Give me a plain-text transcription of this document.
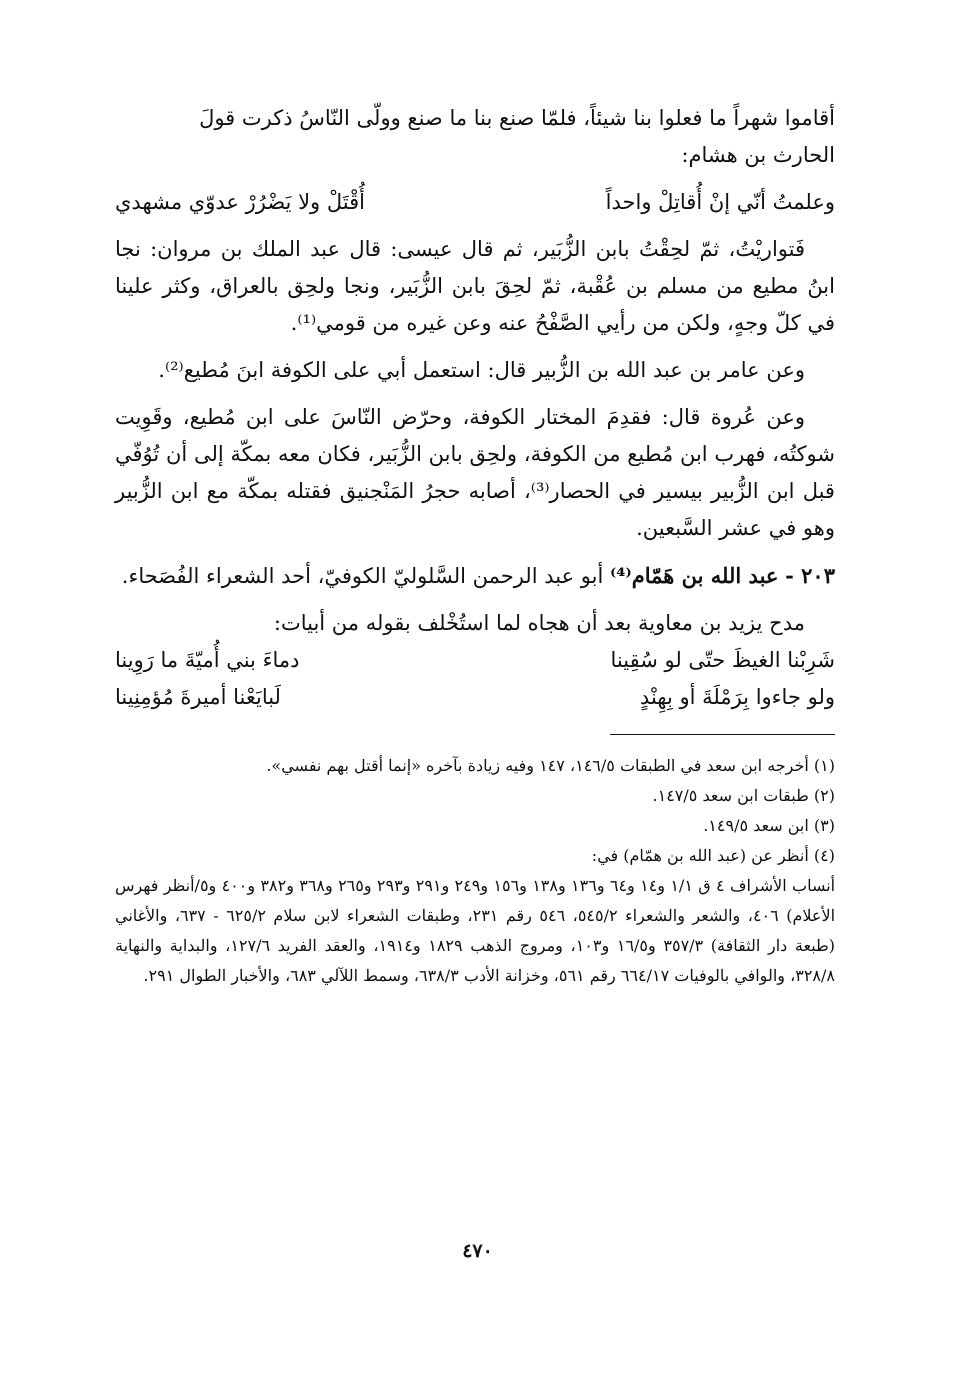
أقاموا شهراً ما فعلوا بنا شيئاً، فلمّا صنع بنا ما صنع وولّى النّاسُ ذكرت قولَ
الحارث بن هشام:

وعلمتُ أنّي إنْ أُقاتِلْ واحداً
أُقْتَلْ ولا يَضْرُرْ عدوّي مشهدي

فَتواريْتُ، ثمّ لحِقْتُ بابن الزُّبَير، ثم قال عيسى: قال عبد الملك بن مروان: نجا ابنُ مطيع من مسلم بن عُقْبة، ثمّ لحِقَ بابن الزُّبَير، ونجا ولحِق بالعراق، وكثر علينا في كلّ وجهٍ، ولكن من رأيي الصَّفْحُ عنه وعن غيره من قومي⁽¹⁾.

وعن عامر بن عبد الله بن الزُّبير قال: استعمل أبي على الكوفة ابنَ مُطيع⁽²⁾.

وعن عُروة قال: فقدِمَ المختار الكوفة، وحرّض النّاسَ على ابن مُطيع، وقَوِيت شوكتُه، فهرب ابن مُطيع من الكوفة، ولحِق بابن الزُّبَير، فكان معه بمكّة إلى أن تُوُفّي قبل ابن الزُّبير بيسير في الحصار⁽³⁾، أصابه حجرُ المَنْجنيق فقتله بمكّة مع ابن الزُّبير وهو في عشر السَّبعين.

٢٠٣ - عبد الله بن هَمّام⁽⁴⁾ أبو عبد الرحمن السَّلوليّ الكوفيّ، أحد الشعراء الفُصَحاء.

مدح يزيد بن معاوية بعد أن هجاه لما استُخْلف بقوله من أبيات:

شَرِبْنا الغيظَ حتّى لو سُقِينا
دماءَ بني أُميّةَ ما رَوِينا
ولو جاءوا بِرَمْلَةَ أو بِهِنْدٍ
لَبايَعْنا أميرةَ مُؤمِنِينا

(١) أخرجه ابن سعد في الطبقات ١٤٦/٥، ١٤٧ وفيه زيادة بآخره «إنما أقتل بهم نفسي».

(٢) طبقات ابن سعد ١٤٧/٥.

(٣) ابن سعد ١٤٩/٥.

(٤) أنظر عن (عبد الله بن همّام) في:

أنساب الأشراف ٤ ق ١/١ و١٤ و٦٤ و١٣٦ و١٣٨ و١٥٦ و٢٤٩ و٢٩١ و٢٩٣ و٢٦٥ و٣٦٨ و٣٨٢ و٤٠٠ و٥/أنظر فهرس الأعلام) ٤٠٦، والشعر والشعراء ٥٤٥/٢، ٥٤٦ رقم ٢٣١، وطبقات الشعراء لابن سلام ٦٢٥/٢ - ٦٣٧، والأغاني (طبعة دار الثقافة) ٣٥٧/٣ و١٦/٥ و١٠٣، ومروج الذهب ١٨٢٩ و١٩١٤، والعقد الفريد ١٢٧/٦، والبداية والنهاية ٣٢٨/٨، والوافي بالوفيات ٦٦٤/١٧ رقم ٥٦١، وخزانة الأدب ٦٣٨/٣، وسمط اللآلي ٦٨٣، والأخبار الطوال ٢٩١.

٤٧٠
